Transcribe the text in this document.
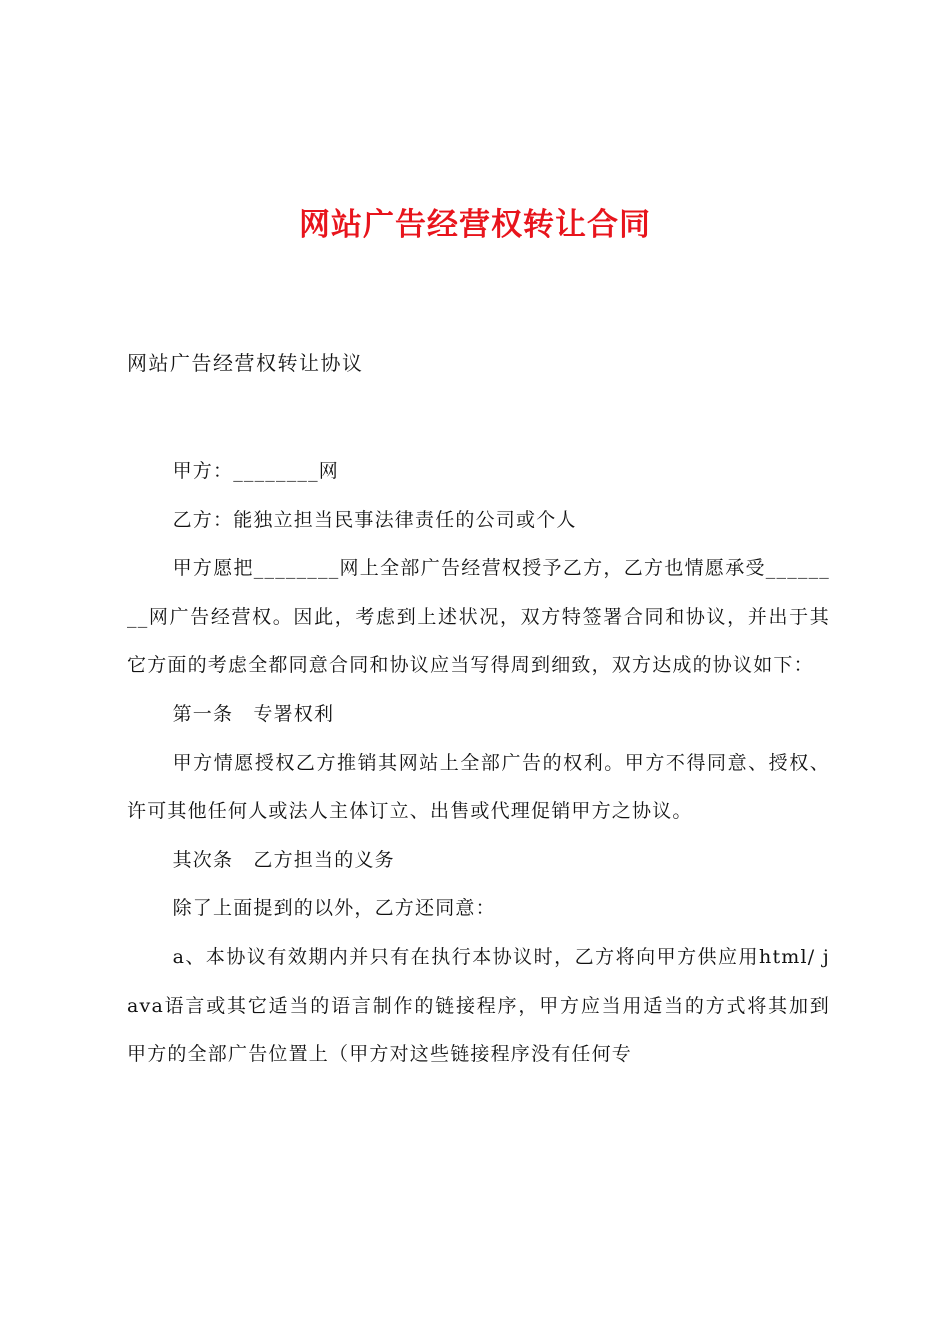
网站广告经营权转让合同
网站广告经营权转让协议

甲方：________网

乙方：能独立担当民事法律责任的公司或个人

甲方愿把________网上全部广告经营权授予乙方，乙方也情愿承受________网广告经营权。因此，考虑到上述状况，双方特签署合同和协议，并出于其它方面的考虑全都同意合同和协议应当写得周到细致，双方达成的协议如下：

第一条　专署权利

甲方情愿授权乙方推销其网站上全部广告的权利。甲方不得同意、授权、许可其他任何人或法人主体订立、出售或代理促销甲方之协议。

其次条　乙方担当的义务

除了上面提到的以外，乙方还同意：

a、本协议有效期内并只有在执行本协议时，乙方将向甲方供应用html/ java语言或其它适当的语言制作的链接程序，甲方应当用适当的方式将其加到甲方的全部广告位置上（甲方对这些链接程序没有任何专
